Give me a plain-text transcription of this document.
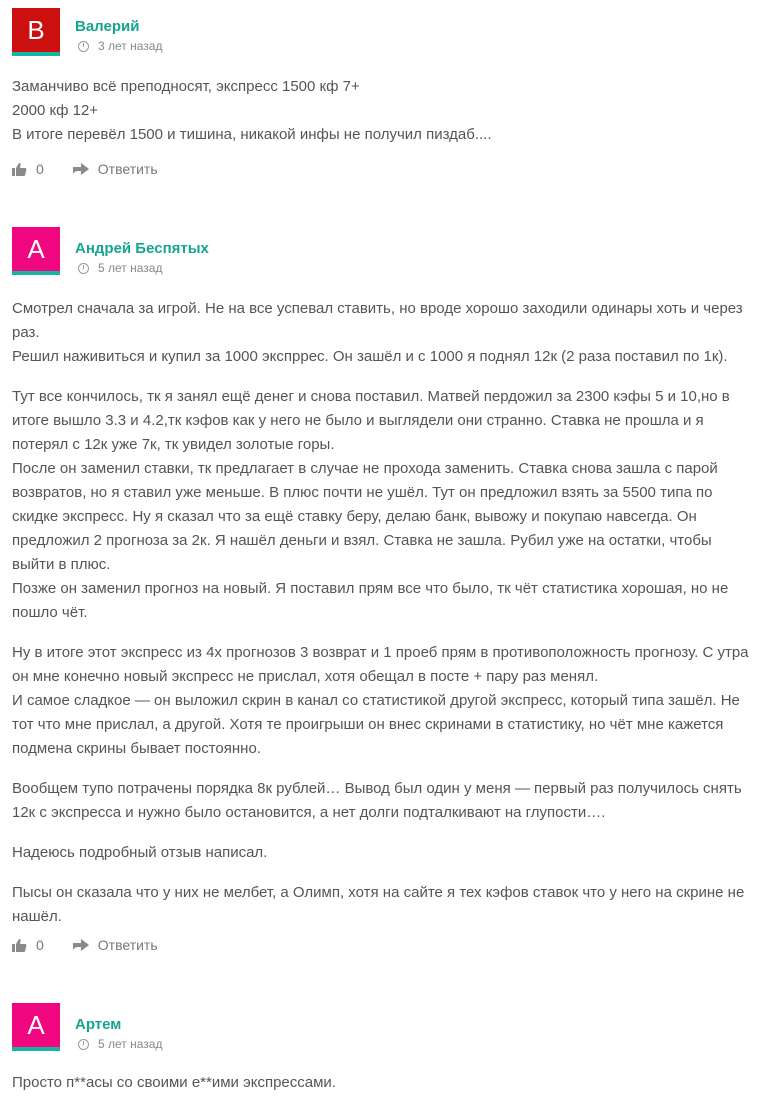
В	Валерий
3 лет назад

Заманчиво всё преподносят, экспресс 1500 кф 7+
2000 кф 12+
В итоге перевёл 1500 и тишина, никакой инфы не получил пиздаб....

0	Ответить
А	Андрей Беспятых
5 лет назад

Смотрел сначала за игрой. Не на все успевал ставить, но вроде хорошо заходили одинары хоть и через раз.
Решил наживиться и купил за 1000 экспррес. Он зашёл и с 1000 я поднял 12к (2 раза поставил по 1к).

Тут все кончилось, тк я занял ещё денег и снова поставил. Матвей пердожил за 2300 кэфы 5 и 10,но в итоге вышло 3.3 и 4.2,тк кэфов как у него не было и выглядели они странно. Ставка не прошла и я потерял с 12к уже 7к, тк увидел золотые горы.
После он заменил ставки, тк предлагает в случае не прохода заменить. Ставка снова зашла с парой возвратов, но я ставил уже меньше. В плюс почти не ушёл. Тут он предложил взять за 5500 типа по скидке экспресс. Ну я сказал что за ещё ставку беру, делаю банк, вывожу и покупаю навсегда. Он предложил 2 прогноза за 2к. Я нашёл деньги и взял. Ставка не зашла. Рубил уже на остатки, чтобы выйти в плюс.
Позже он заменил прогноз на новый. Я поставил прям все что было, тк чёт статистика хорошая, но не пошло чёт.

Ну в итоге этот экспресс из 4х прогнозов 3 возврат и 1 проеб прям в противоположность прогнозу. С утра он мне конечно новый экспресс не прислал, хотя обещал в посте + пару раз менял.
И самое сладкое — он выложил скрин в канал со статистикой другой экспресс, который типа зашёл. Не тот что мне прислал, а другой. Хотя те проигрыши он внес скринами в статистику, но чёт мне кажется подмена скрины бывает постоянно.

Вообщем тупо потрачены порядка 8к рублей… Вывод был один у меня — первый раз получилось снять 12к с экспресса и нужно было остановится, а нет долги подталкивают на глупости….

Надеюсь подробный отзыв написал.

Пысы он сказала что у них не мелбет, а Олимп, хотя на сайте я тех кэфов ставок что у него на скрине не нашёл.

0	Ответить
А	Артем
5 лет назад

Просто п**асы со своими е**ими экспрессами.
